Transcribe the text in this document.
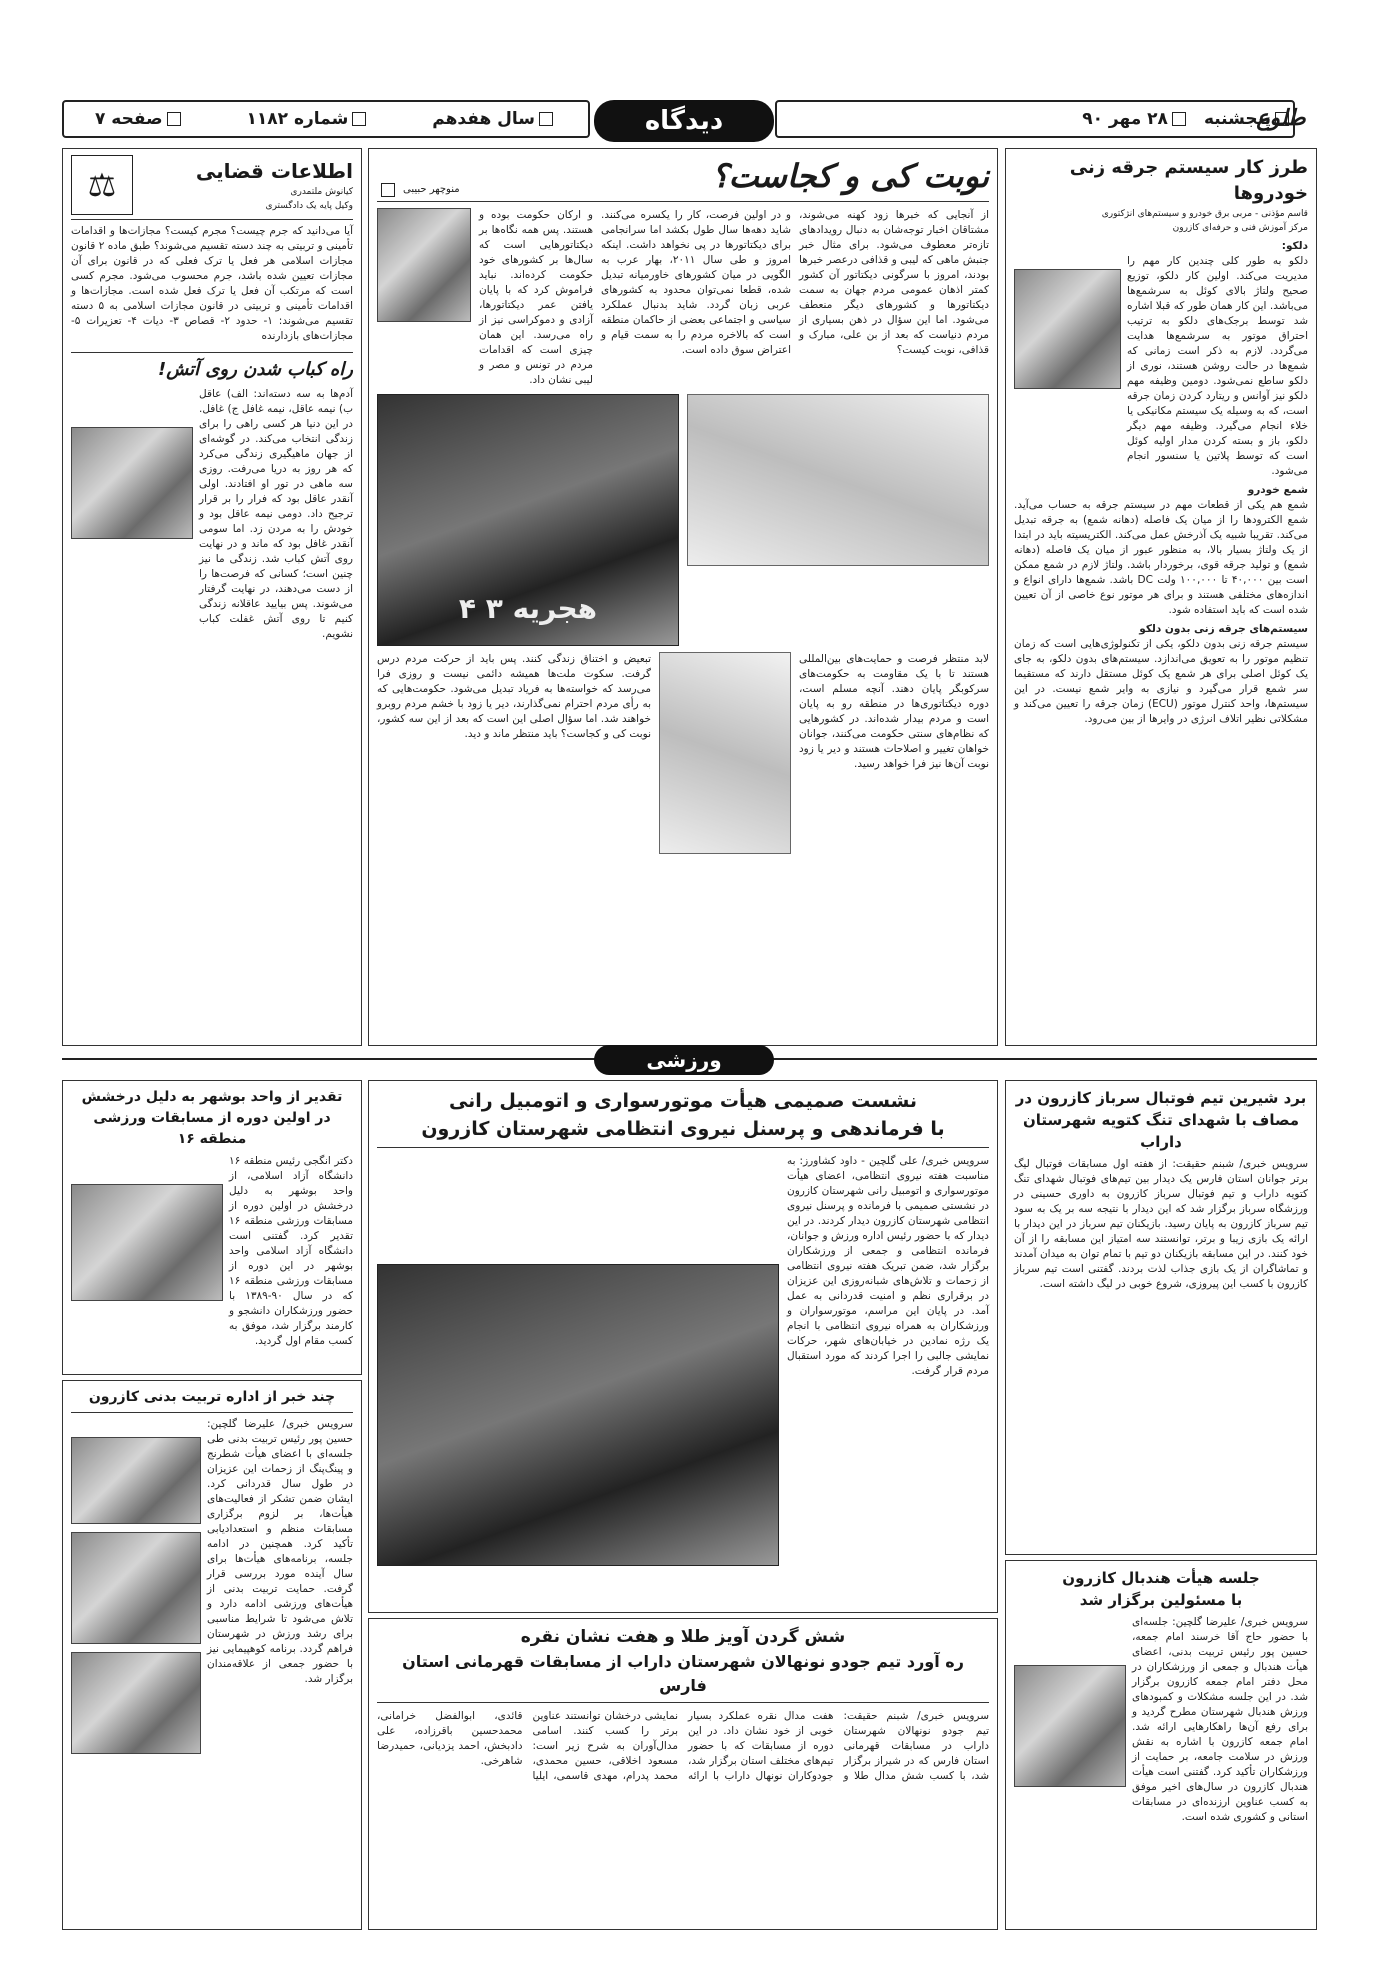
طلوع
پنجشنبه
۲۸ مهر ۹۰
دیدگاه
سال هفدهم
شماره ۱۱۸۲
صفحه ۷
طرز کار سیستم جرقه زنی خودروها
قاسم مؤذنی - مربی برق خودرو و سیستم‌های انژکتوری
مرکز آموزش فنی و حرفه‌ای کازرون
دلکو:
دلکو به طور کلی چندین کار مهم را مدیریت می‌کند. اولین کار دلکو، توزیع صحیح ولتاژ بالای کوئل به سرشمع‌ها می‌باشد. این کار همان طور که قبلا اشاره شد توسط برجک‌های دلکو به ترتیب احتراق موتور به سرشمع‌ها هدایت می‌گردد. لازم به ذکر است زمانی که شمع‌ها در حالت روشن هستند، نوری از دلکو ساطع نمی‌شود. دومین وظیفه مهم دلکو نیز آوانس و ریتارد کردن زمان جرقه است، که به وسیله یک سیستم مکانیکی یا خلاء انجام می‌گیرد. وظیفه مهم دیگر دلکو، باز و بسته کردن مدار اولیه کوئل است که توسط پلاتین یا سنسور انجام می‌شود.
شمع خودرو
شمع هم یکی از قطعات مهم در سیستم جرقه به حساب می‌آید. شمع الکترود‌ها را از میان یک فاصله (دهانه شمع) به جرقه تبدیل می‌کند. تقریبا شبیه یک آذرخش عمل می‌کند. الکتریسیته باید در ابتدا از یک ولتاژ بسیار بالا، به منظور عبور از میان یک فاصله (دهانه شمع) و تولید جرقه قوی، برخوردار باشد. ولتاژ لازم در شمع ممکن است بین ۴۰,۰۰۰ تا ۱۰۰,۰۰۰ ولت DC باشد. شمع‌ها دارای انواع و اندازه‌های مختلفی هستند و برای هر موتور نوع خاصی از آن تعیین شده است که باید استفاده شود.
سیستم‌های جرقه زنی بدون دلکو
سیستم جرقه زنی بدون دلکو، یکی از تکنولوژی‌هایی است که زمان تنظیم موتور را به تعویق می‌اندازد. سیستم‌های بدون دلکو، به جای یک کوئل اصلی برای هر شمع یک کوئل مستقل دارند که مستقیما سر شمع قرار می‌گیرد و نیازی به وایر شمع نیست. در این سیستم‌ها، واحد کنترل موتور (ECU) زمان جرقه را تعیین می‌کند و مشکلاتی نظیر اتلاف انرژی در وایرها از بین می‌رود.
نوبت کی و کجاست؟
منوچهر حبیبی
از آنجایی که خبرها زود کهنه می‌شوند، مشتاقان اخبار توجه‌شان به دنبال رویدادهای تازه‌تر معطوف می‌شود. برای مثال خبر جنبش ماهی که لیبی و قذافی درعصر خبرها بودند، امروز با سرگونی دیکتاتور آن کشور کمتر اذهان عمومی مردم جهان به سمت دیکتاتورها و کشورهای دیگر منعطف می‌شود. اما این سؤال در ذهن بسیاری از مردم دنیاست که بعد از بن علی، مبارک و قذافی، نوبت کیست؟
و در اولین فرصت، کار را یکسره می‌کنند. شاید دهه‌ها سال طول بکشد اما سرانجامی برای دیکتاتورها در پی نخواهد داشت. اینکه امروز و طی سال ۲۰۱۱، بهار عرب به الگویی در میان کشورهای خاورمیانه تبدیل شده، قطعا نمی‌توان محدود به کشورهای عربی زبان گردد. شاید بدنبال عملکرد سیاسی و اجتماعی بعضی از حاکمان منطقه است که بالاخره مردم را به سمت قیام و اعتراض سوق داده است.
و ارکان حکومت بوده و هستند. پس همه نگاه‌ها بر دیکتاتورهایی است که سال‌ها بر کشورهای خود حکومت کرده‌اند. نباید فراموش کرد که با پایان یافتن عمر دیکتاتورها، آزادی و دموکراسی نیز از راه می‌رسد. این همان چیزی است که اقدامات مردم در تونس و مصر و لیبی نشان داد.
۴ ۳ هجریه
لابد منتظر فرصت و حمایت‌های بین‌المللی هستند تا با یک مقاومت به حکومت‌های سرکوبگر پایان دهند. آنچه مسلم است، دوره دیکتاتوری‌ها در منطقه رو به پایان است و مردم بیدار شده‌اند. در کشورهایی که نظام‌های سنتی حکومت می‌کنند، جوانان خواهان تغییر و اصلاحات هستند و دیر یا زود نوبت آن‌ها نیز فرا خواهد رسید.
تبعیض و اختناق زندگی کنند. پس باید از حرکت مردم درس گرفت. سکوت ملت‌ها همیشه دائمی نیست و روزی فرا می‌رسد که خواسته‌ها به فریاد تبدیل می‌شود. حکومت‌هایی که به رأی مردم احترام نمی‌گذارند، دیر یا زود با خشم مردم روبرو خواهند شد. اما سؤال اصلی این است که بعد از این سه کشور، نوبت کی و کجاست؟ باید منتظر ماند و دید.
اطلاعات قضایی
کیانوش ملتمدری
وکیل پایه یک دادگستری
⚖
آیا می‌دانید که جرم چیست؟ مجرم کیست؟ مجازات‌ها و اقدامات تأمینی و تربیتی به چند دسته تقسیم می‌شوند؟ طبق ماده ۲ قانون مجازات اسلامی هر فعل یا ترک فعلی که در قانون برای آن مجازات تعیین شده باشد، جرم محسوب می‌شود. مجرم کسی است که مرتکب آن فعل یا ترک فعل شده است. مجازات‌ها و اقدامات تأمینی و تربیتی در قانون مجازات اسلامی به ۵ دسته تقسیم می‌شوند: ۱- حدود ۲- قصاص ۳- دیات ۴- تعزیرات ۵- مجازات‌های بازدارنده
راه کباب شدن روی آتش!
آدم‌ها به سه دسته‌اند: الف) عاقل ب) نیمه عاقل، نیمه غافل ج) غافل. در این دنیا هر کسی راهی را برای زندگی انتخاب می‌کند. در گوشه‌ای از جهان ماهیگیری زندگی می‌کرد که هر روز به دریا می‌رفت. روزی سه ماهی در تور او افتادند. اولی آنقدر عاقل بود که فرار را بر قرار ترجیح داد. دومی نیمه عاقل بود و خودش را به مردن زد. اما سومی آنقدر غافل بود که ماند و در نهایت روی آتش کباب شد. زندگی ما نیز چنین است؛ کسانی که فرصت‌ها را از دست می‌دهند، در نهایت گرفتار می‌شوند. پس بیایید عاقلانه زندگی کنیم تا روی آتش غفلت کباب نشویم.
ورزشی
برد شیرین تیم فوتبال سرباز کازرون در
مصاف با شهدای تنگ کتویه شهرستان داراب
سرویس خبری/ شبنم حقیقت: از هفته اول مسابقات فوتبال لیگ برتر جوانان استان فارس یک دیدار بین تیم‌های فوتبال شهدای تنگ کتویه داراب و تیم فوتبال سرباز کازرون به داوری حسینی در ورزشگاه سرباز برگزار شد که این دیدار با نتیجه سه بر یک به سود تیم سرباز کازرون به پایان رسید. بازیکنان تیم سرباز در این دیدار با ارائه یک بازی زیبا و برتر، توانستند سه امتیاز این مسابقه را از آن خود کنند. در این مسابقه بازیکنان دو تیم با تمام توان به میدان آمدند و تماشاگران از یک بازی جذاب لذت بردند. گفتنی است تیم سرباز کازرون با کسب این پیروزی، شروع خوبی در لیگ داشته است.
جلسه هیأت هندبال کازرون
با مسئولین برگزار شد
سرویس خبری/ علیرضا گلچین: جلسه‌ای با حضور حاج آقا خرسند امام جمعه، حسین پور رئیس تربیت بدنی، اعضای هیأت هندبال و جمعی از ورزشکاران در محل دفتر امام جمعه کازرون برگزار شد. در این جلسه مشکلات و کمبودهای ورزش هندبال شهرستان مطرح گردید و برای رفع آن‌ها راهکارهایی ارائه شد. امام جمعه کازرون با اشاره به نقش ورزش در سلامت جامعه، بر حمایت از ورزشکاران تأکید کرد. گفتنی است هیأت هندبال کازرون در سال‌های اخیر موفق به کسب عناوین ارزنده‌ای در مسابقات استانی و کشوری شده است.
نشست صمیمی هیأت موتورسواری و اتومبیل رانی
با فرماندهی و پرسنل نیروی انتظامی شهرستان کازرون
سرویس خبری/ علی گلچین - داود کشاورز: به مناسبت هفته نیروی انتظامی، اعضای هیأت موتورسواری و اتومبیل رانی شهرستان کازرون در نشستی صمیمی با فرمانده و پرسنل نیروی انتظامی شهرستان کازرون دیدار کردند. در این دیدار که با حضور رئیس اداره ورزش و جوانان، فرمانده انتظامی و جمعی از ورزشکاران برگزار شد، ضمن تبریک هفته نیروی انتظامی از زحمات و تلاش‌های شبانه‌روزی این عزیزان در برقراری نظم و امنیت قدردانی به عمل آمد. در پایان این مراسم، موتورسواران و ورزشکاران به همراه نیروی انتظامی با انجام یک رژه نمادین در خیابان‌های شهر، حرکات نمایشی جالبی را اجرا کردند که مورد استقبال مردم قرار گرفت.
شش گردن آویز طلا و هفت نشان نقره
ره آورد تیم جودو نونهالان شهرستان داراب از مسابقات قهرمانی استان فارس
سرویس خبری/ شبنم حقیقت: تیم جودو نونهالان شهرستان داراب در مسابقات قهرمانی استان فارس که در شیراز برگزار شد، با کسب شش مدال طلا و هفت مدال نقره عملکرد بسیار خوبی از خود نشان داد. در این دوره از مسابقات که با حضور تیم‌های مختلف استان برگزار شد، جودوکاران نونهال داراب با ارائه نمایشی درخشان توانستند عناوین برتر را کسب کنند. اسامی مدال‌آوران به شرح زیر است: مسعود اخلاقی، حسین محمدی، محمد پدرام، مهدی قاسمی، ایلیا قائدی، ابوالفضل خرامانی، محمدحسین باقرزاده، علی دادبخش، احمد یزدیانی، حمیدرضا شاهرخی.
تقدیر از واحد بوشهر به دلیل درخشش
در اولین دوره از مسابقات ورزشی منطقه ۱۶
دکتر انگجی رئیس منطقه ۱۶ دانشگاه آزاد اسلامی، از واحد بوشهر به دلیل درخشش در اولین دوره از مسابقات ورزشی منطقه ۱۶ تقدیر کرد. گفتنی است دانشگاه آزاد اسلامی واحد بوشهر در این دوره از مسابقات ورزشی منطقه ۱۶ که در سال ۹۰-۱۳۸۹ با حضور ورزشکاران دانشجو و کارمند برگزار شد، موفق به کسب مقام اول گردید.
چند خبر از اداره تربیت بدنی کازرون
سرویس خبری/ علیرضا گلچین: حسین پور رئیس تربیت بدنی طی جلسه‌ای با اعضای هیأت شطرنج و پینگ‌پنگ از زحمات این عزیزان در طول سال قدردانی کرد. ایشان ضمن تشکر از فعالیت‌های هیأت‌ها، بر لزوم برگزاری مسابقات منظم و استعدادیابی تأکید کرد. همچنین در ادامه جلسه، برنامه‌های هیأت‌ها برای سال آینده مورد بررسی قرار گرفت. حمایت تربیت بدنی از هیأت‌های ورزشی ادامه دارد و تلاش می‌شود تا شرایط مناسبی برای رشد ورزش در شهرستان فراهم گردد. برنامه کوهپیمایی نیز با حضور جمعی از علاقه‌مندان برگزار شد.
